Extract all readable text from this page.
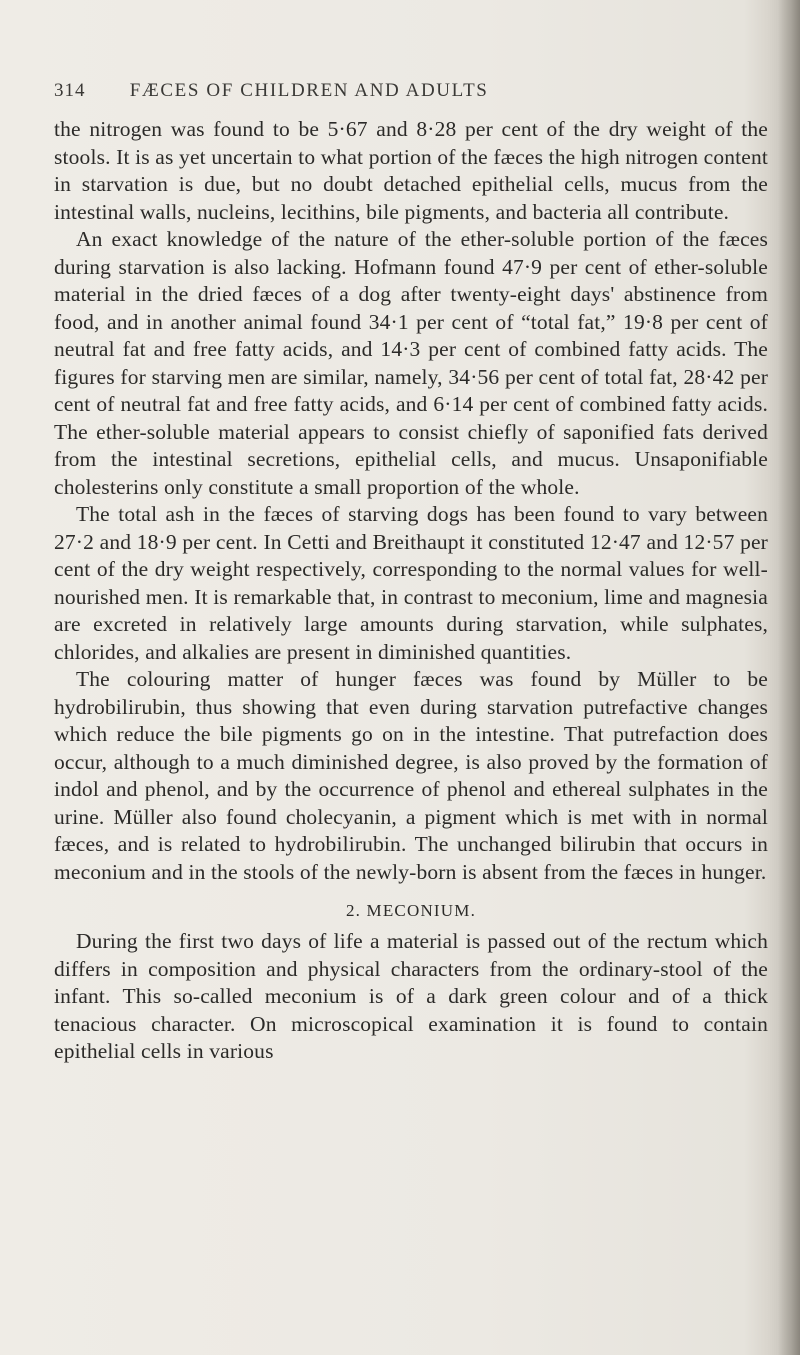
314 FÆCES OF CHILDREN AND ADULTS

the nitrogen was found to be 5·67 and 8·28 per cent of the dry weight of the stools. It is as yet uncertain to what portion of the fæces the high nitrogen content in starvation is due, but no doubt detached epithelial cells, mucus from the intestinal walls, nucleins, lecithins, bile pigments, and bacteria all contribute.

An exact knowledge of the nature of the ether-soluble portion of the fæces during starvation is also lacking. Hofmann found 47·9 per cent of ether-soluble material in the dried fæces of a dog after twenty-eight days' abstinence from food, and in another animal found 34·1 per cent of “total fat,” 19·8 per cent of neutral fat and free fatty acids, and 14·3 per cent of combined fatty acids. The figures for starving men are similar, namely, 34·56 per cent of total fat, 28·42 per cent of neutral fat and free fatty acids, and 6·14 per cent of combined fatty acids. The ether-soluble material appears to consist chiefly of saponified fats derived from the intestinal secretions, epithelial cells, and mucus. Unsaponifiable cholesterins only constitute a small proportion of the whole.

The total ash in the fæces of starving dogs has been found to vary between 27·2 and 18·9 per cent. In Cetti and Breithaupt it constituted 12·47 and 12·57 per cent of the dry weight respectively, corresponding to the normal values for well-nourished men. It is remarkable that, in contrast to meconium, lime and magnesia are excreted in relatively large amounts during starvation, while sulphates, chlorides, and alkalies are present in diminished quantities.

The colouring matter of hunger fæces was found by Müller to be hydrobilirubin, thus showing that even during starvation putrefactive changes which reduce the bile pigments go on in the intestine. That putrefaction does occur, although to a much diminished degree, is also proved by the formation of indol and phenol, and by the occurrence of phenol and ethereal sulphates in the urine. Müller also found cholecyanin, a pigment which is met with in normal fæces, and is related to hydrobilirubin. The unchanged bilirubin that occurs in meconium and in the stools of the newly-born is absent from the fæces in hunger.

2. MECONIUM.

During the first two days of life a material is passed out of the rectum which differs in composition and physical characters from the ordinary-stool of the infant. This so-called meconium is of a dark green colour and of a thick tenacious character. On microscopical examination it is found to contain epithelial cells in various
